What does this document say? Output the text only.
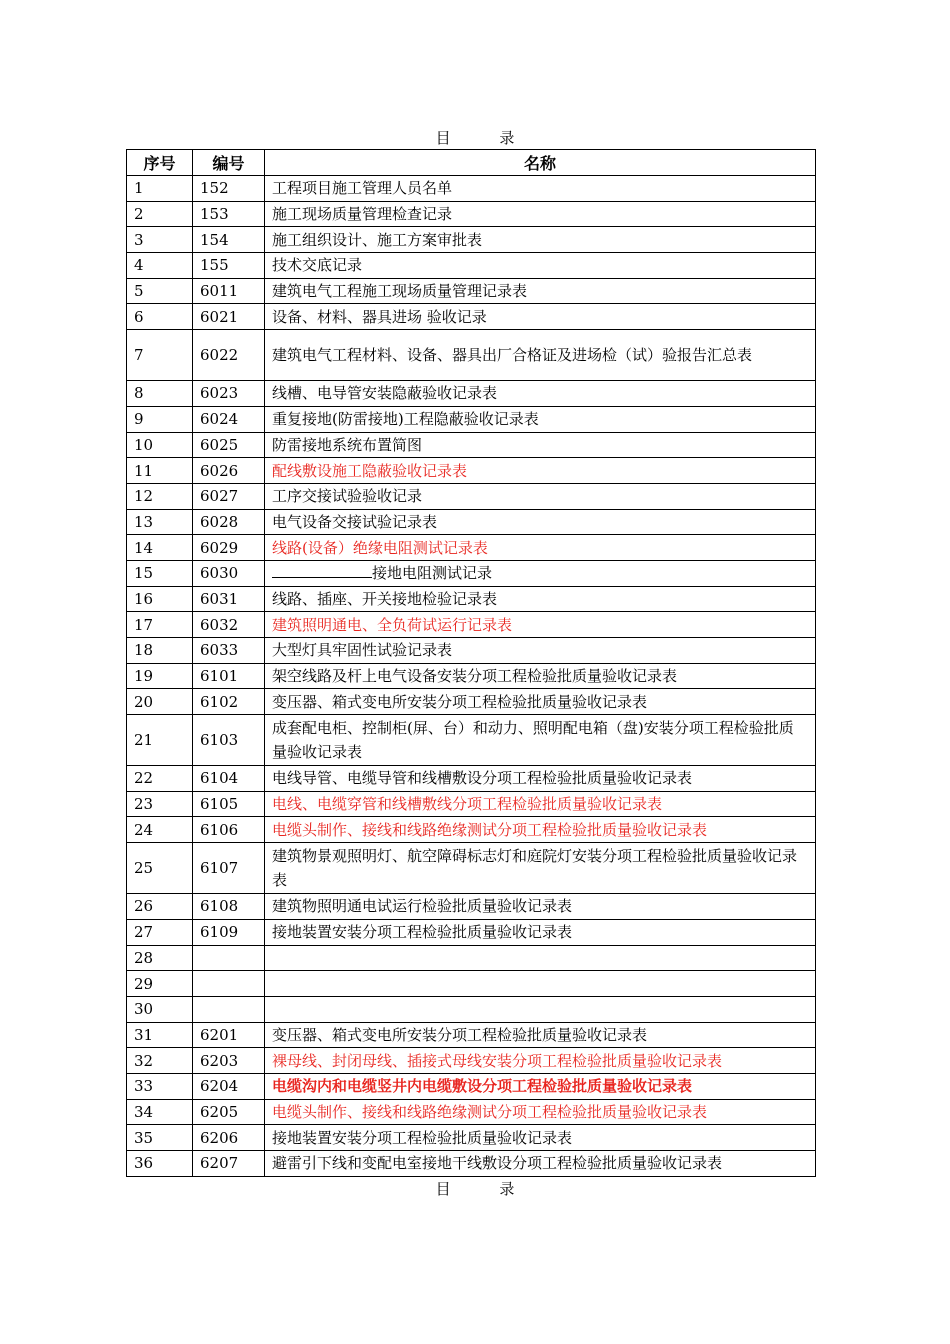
目 录
序号	编号	名称
1	152	工程项目施工管理人员名单
2	153	施工现场质量管理检查记录
3	154	施工组织设计、施工方案审批表
4	155	技术交底记录
5	6011	建筑电气工程施工现场质量管理记录表
6	6021	设备、材料、器具进场 验收记录
7	6022	建筑电气工程材料、设备、器具出厂合格证及进场检（试）验报告汇总表
8	6023	线槽、电导管安装隐蔽验收记录表
9	6024	重复接地(防雷接地)工程隐蔽验收记录表
10	6025	防雷接地系统布置简图
11	6026	配线敷设施工隐蔽验收记录表
12	6027	工序交接试验验收记录
13	6028	电气设备交接试验记录表
14	6029	线路(设备）绝缘电阻测试记录表
15	6030	接地电阻测试记录
16	6031	线路、插座、开关接地检验记录表
17	6032	建筑照明通电、全负荷试运行记录表
18	6033	大型灯具牢固性试验记录表
19	6101	架空线路及杆上电气设备安装分项工程检验批质量验收记录表
20	6102	变压器、箱式变电所安装分项工程检验批质量验收记录表
21	6103	成套配电柜、控制柜(屏、台）和动力、照明配电箱（盘)安装分项工程检验批质量验收记录表
22	6104	电线导管、电缆导管和线槽敷设分项工程检验批质量验收记录表
23	6105	电线、电缆穿管和线槽敷线分项工程检验批质量验收记录表
24	6106	电缆头制作、接线和线路绝缘测试分项工程检验批质量验收记录表
25	6107	建筑物景观照明灯、航空障碍标志灯和庭院灯安装分项工程检验批质量验收记录表
26	6108	建筑物照明通电试运行检验批质量验收记录表
27	6109	接地装置安装分项工程检验批质量验收记录表
28		
29		
30		
31	6201	变压器、箱式变电所安装分项工程检验批质量验收记录表
32	6203	裸母线、封闭母线、插接式母线安装分项工程检验批质量验收记录表
33	6204	电缆沟内和电缆竖井内电缆敷设分项工程检验批质量验收记录表
34	6205	电缆头制作、接线和线路绝缘测试分项工程检验批质量验收记录表
35	6206	接地装置安装分项工程检验批质量验收记录表
36	6207	避雷引下线和变配电室接地干线敷设分项工程检验批质量验收记录表
目 录
